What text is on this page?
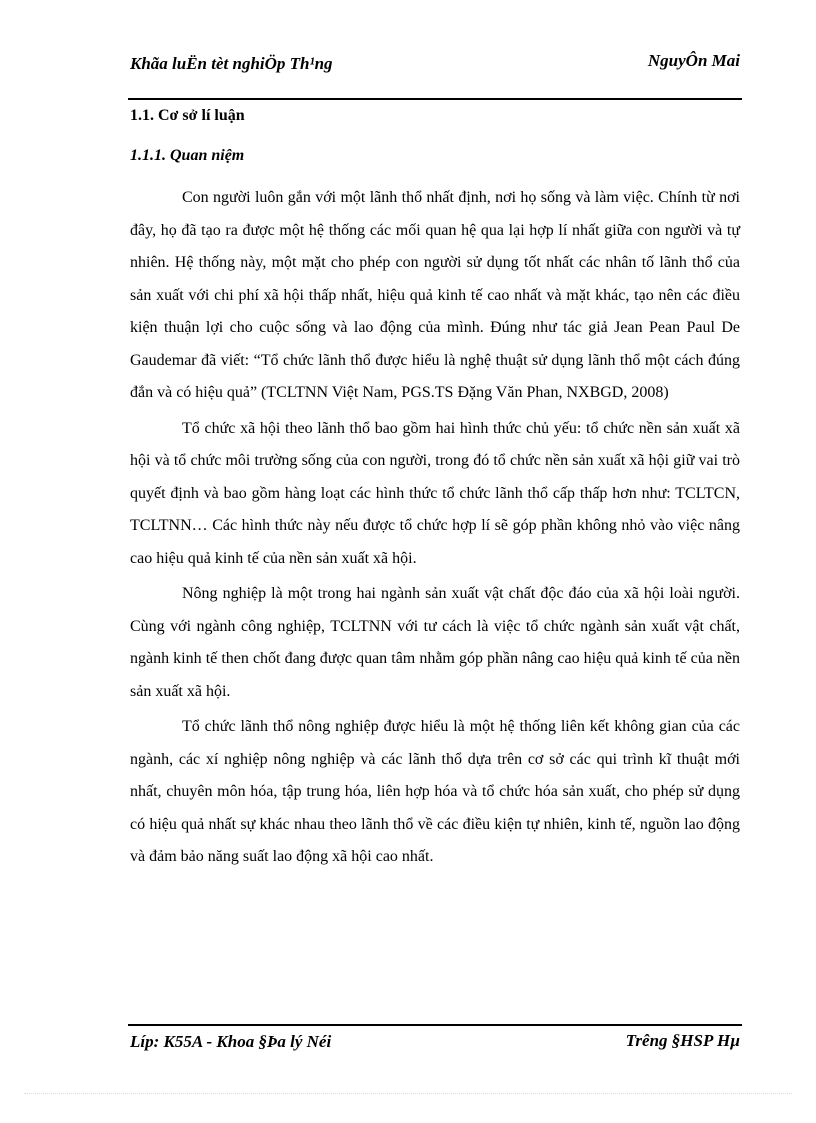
Khãa luËn tèt nghiÖp Th¹ng	NguyÔn Mai
1.1. Cơ sở lí luận
1.1.1. Quan niệm

Con người luôn gắn với một lãnh thổ nhất định, nơi họ sống và làm việc. Chính từ nơi đây, họ đã tạo ra được một hệ thống các mối quan hệ qua lại hợp lí nhất giữa con người và tự nhiên. Hệ thống này, một mặt cho phép con người sử dụng tốt nhất các nhân tố lãnh thổ của sản xuất với chi phí xã hội thấp nhất, hiệu quả kinh tế cao nhất và mặt khác, tạo nên các điều kiện thuận lợi cho cuộc sống và lao động của mình. Đúng như tác giả Jean Pean Paul De Gaudemar đã viết: “Tổ chức lãnh thổ được hiểu là nghệ thuật sử dụng lãnh thổ một cách đúng đắn và có hiệu quả” (TCLTNN Việt Nam, PGS.TS Đặng Văn Phan, NXBGD, 2008)

Tổ chức xã hội theo lãnh thổ bao gồm hai hình thức chủ yếu: tổ chức nền sản xuất xã hội và tổ chức môi trường sống của con người, trong đó tổ chức nền sản xuất xã hội giữ vai trò quyết định và bao gồm hàng loạt các hình thức tổ chức lãnh thổ cấp thấp hơn như: TCLTCN, TCLTNN… Các hình thức này nếu được tổ chức hợp lí sẽ góp phần không nhỏ vào việc nâng cao hiệu quả kinh tế của nền sản xuất xã hội.

Nông nghiệp là một trong hai ngành sản xuất vật chất độc đáo của xã hội loài người. Cùng với ngành công nghiệp, TCLTNN với tư cách là việc tổ chức ngành sản xuất vật chất, ngành kinh tế then chốt đang được quan tâm nhằm góp phần nâng cao hiệu quả kinh tế của nền sản xuất xã hội.

Tổ chức lãnh thổ nông nghiệp được hiểu là một hệ thống liên kết không gian của các ngành, các xí nghiệp nông nghiệp và các lãnh thổ dựa trên cơ sở các qui trình kĩ thuật mới nhất, chuyên môn hóa, tập trung hóa, liên hợp hóa và tổ chức hóa sản xuất, cho phép sử dụng có hiệu quả nhất sự khác nhau theo lãnh thổ về các điều kiện tự nhiên, kinh tế, nguồn lao động và đảm bảo năng suất lao động xã hội cao nhất.

Líp: K55A - Khoa §Þa lý Néi	Trêng §HSP Hµ
